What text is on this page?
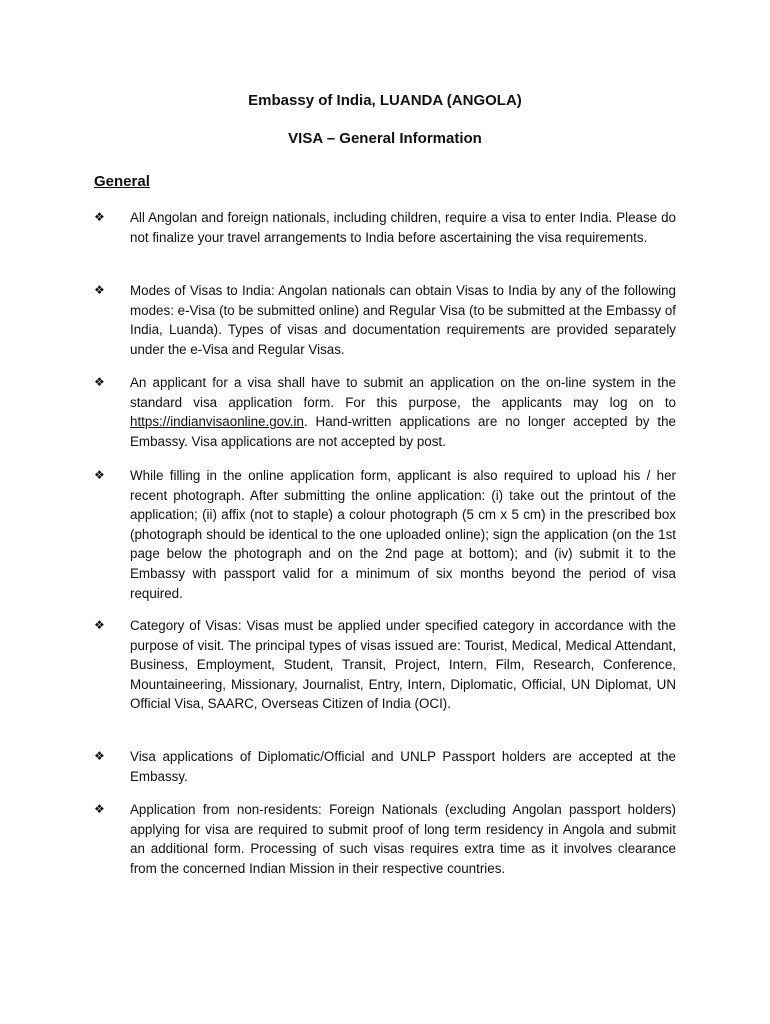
Embassy of India, LUANDA (ANGOLA)
VISA – General Information
General
❖ All Angolan and foreign nationals, including children, require a visa to enter India. Please do not finalize your travel arrangements to India before ascertaining the visa requirements.
❖ Modes of Visas to India: Angolan nationals can obtain Visas to India by any of the following modes: e-Visa (to be submitted online) and Regular Visa (to be submitted at the Embassy of India, Luanda). Types of visas and documentation requirements are provided separately under the e-Visa and Regular Visas.
❖ An applicant for a visa shall have to submit an application on the on-line system in the standard visa application form. For this purpose, the applicants may log on to https://indianvisaonline.gov.in. Hand-written applications are no longer accepted by the Embassy. Visa applications are not accepted by post.
❖ While filling in the online application form, applicant is also required to upload his / her recent photograph. After submitting the online application: (i) take out the printout of the application; (ii) affix (not to staple) a colour photograph (5 cm x 5 cm) in the prescribed box (photograph should be identical to the one uploaded online); sign the application (on the 1st page below the photograph and on the 2nd page at bottom); and (iv) submit it to the Embassy with passport valid for a minimum of six months beyond the period of visa required.
❖ Category of Visas: Visas must be applied under specified category in accordance with the purpose of visit. The principal types of visas issued are: Tourist, Medical, Medical Attendant, Business, Employment, Student, Transit, Project, Intern, Film, Research, Conference, Mountaineering, Missionary, Journalist, Entry, Intern, Diplomatic, Official, UN Diplomat, UN Official Visa, SAARC, Overseas Citizen of India (OCI).
❖ Visa applications of Diplomatic/Official and UNLP Passport holders are accepted at the Embassy.
❖ Application from non-residents: Foreign Nationals (excluding Angolan passport holders) applying for visa are required to submit proof of long term residency in Angola and submit an additional form. Processing of such visas requires extra time as it involves clearance from the concerned Indian Mission in their respective countries.
